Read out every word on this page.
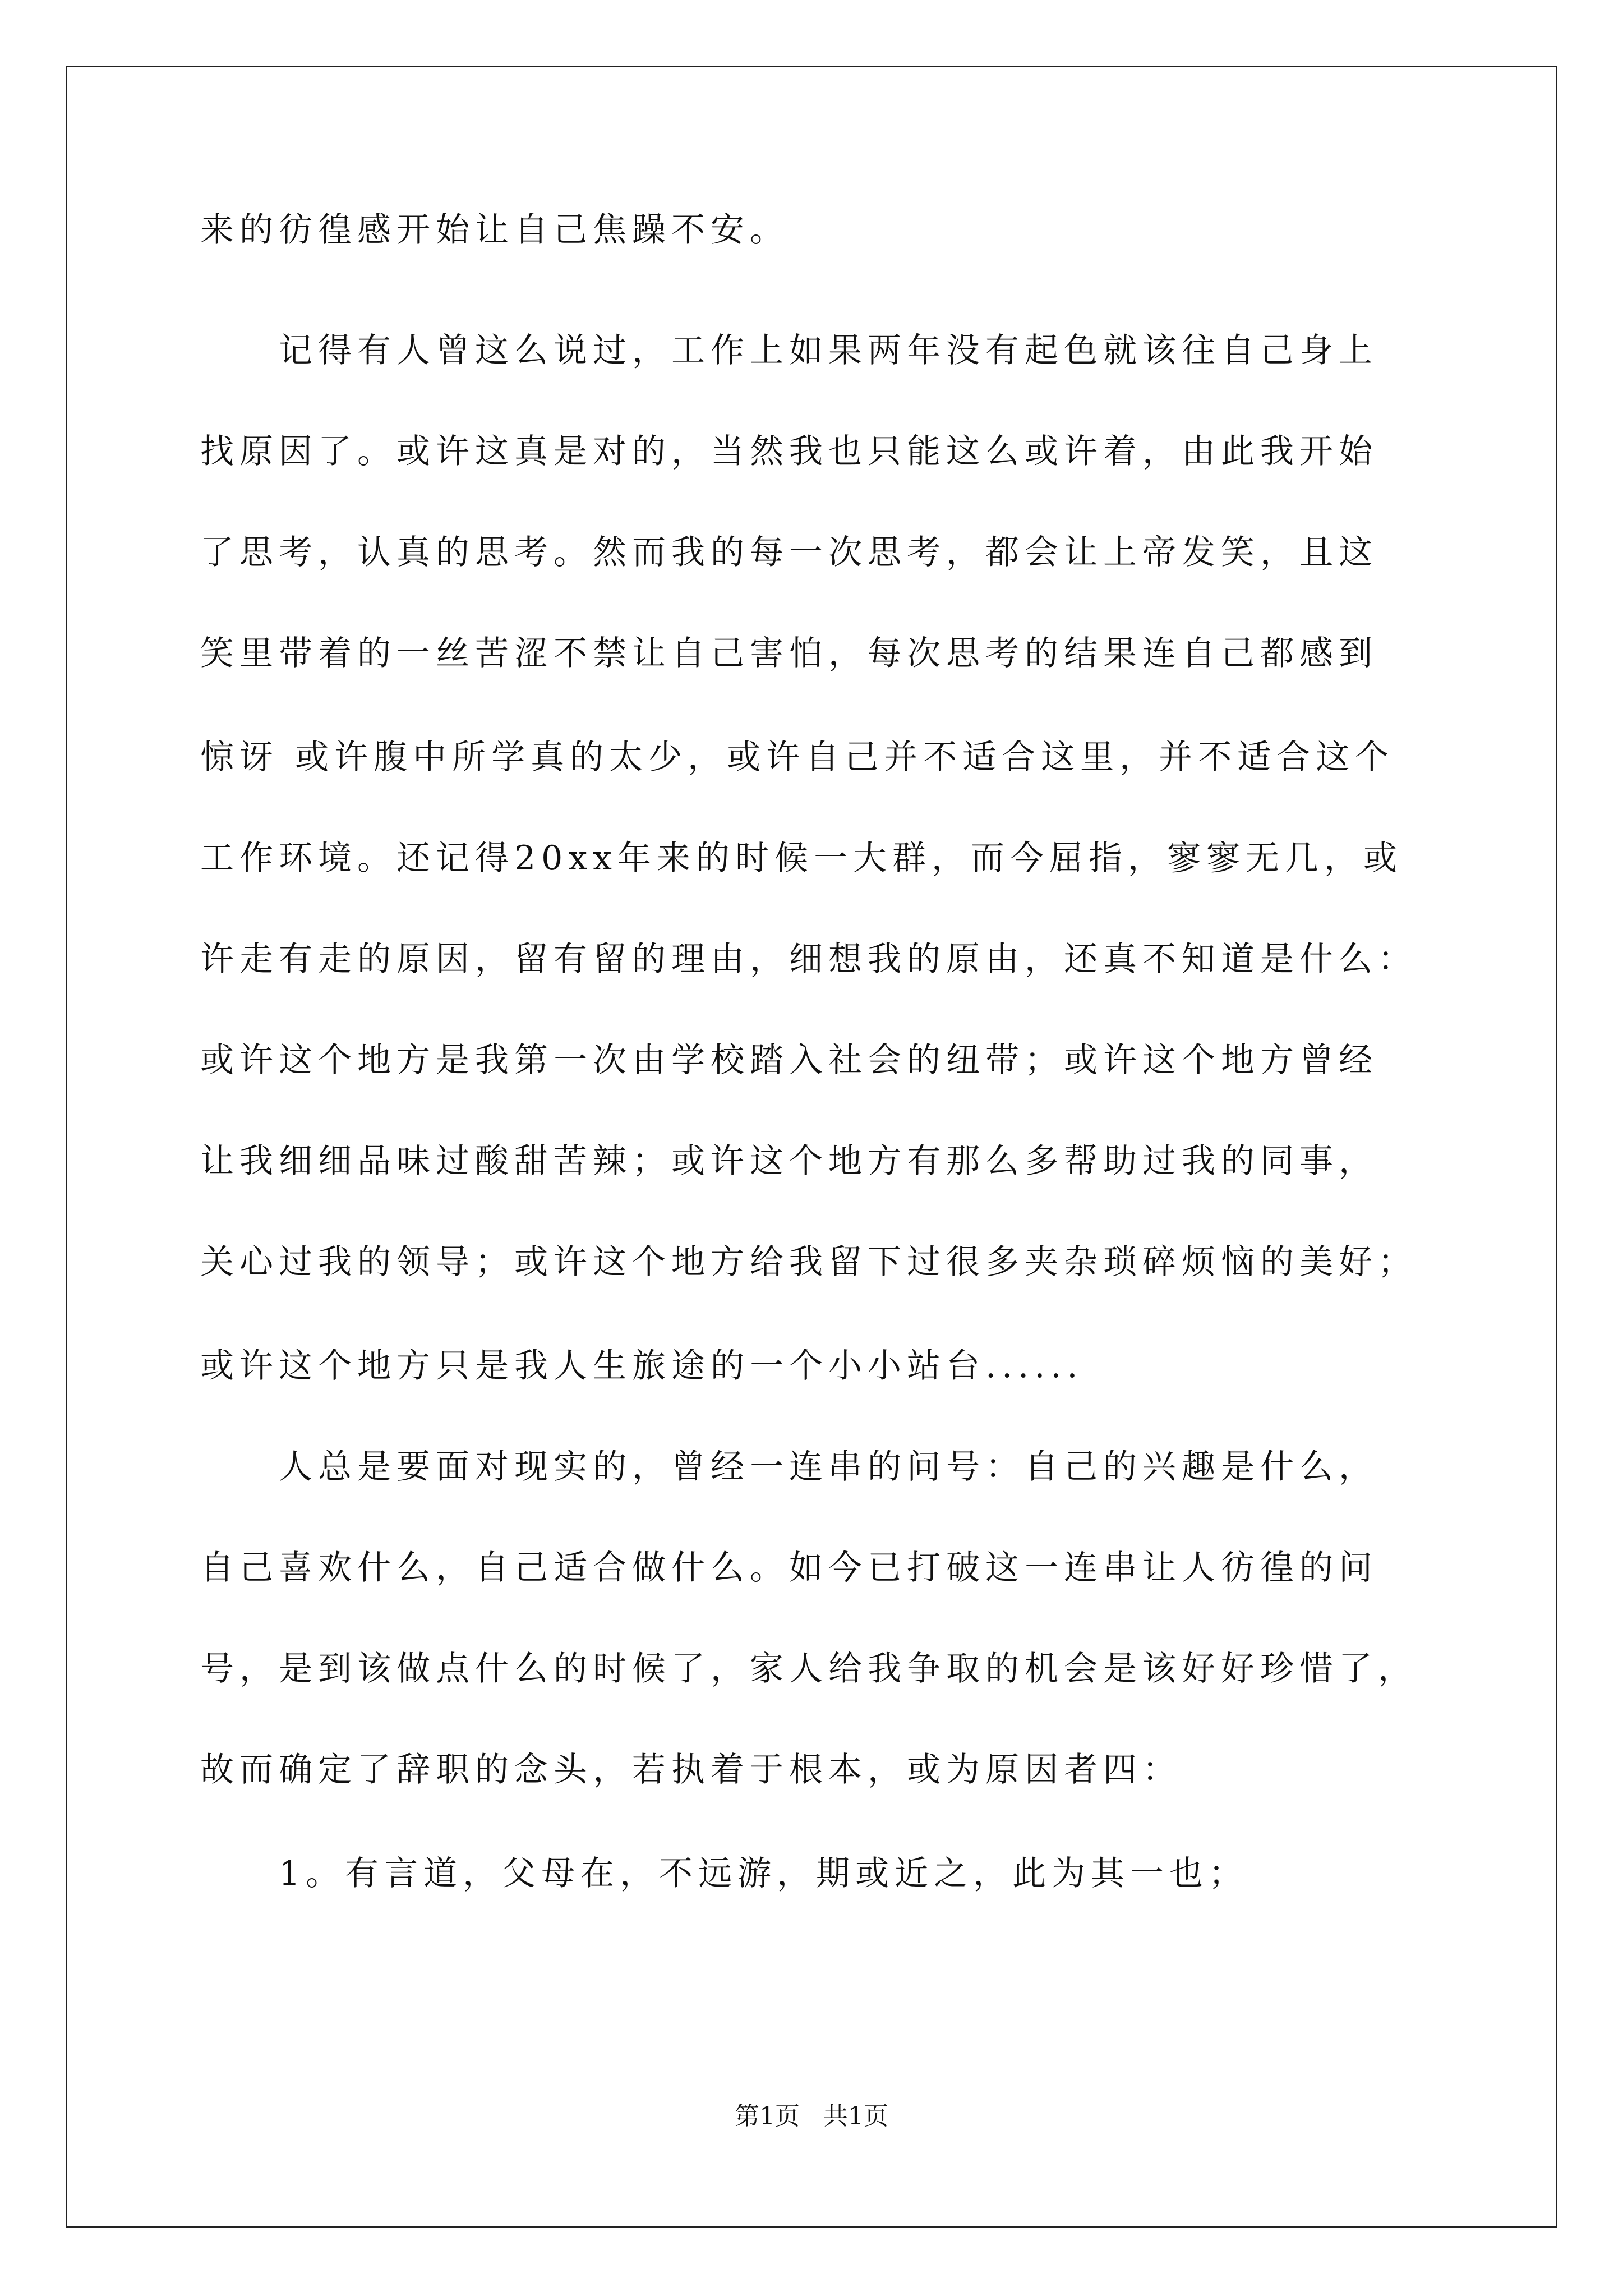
来的彷徨感开始让自己焦躁不安。
记得有人曾这么说过，工作上如果两年没有起色就该往自己身上
找原因了。或许这真是对的，当然我也只能这么或许着，由此我开始
了思考，认真的思考。然而我的每一次思考，都会让上帝发笑，且这
笑里带着的一丝苦涩不禁让自己害怕，每次思考的结果连自己都感到
惊讶 或许腹中所学真的太少，或许自己并不适合这里，并不适合这个
工作环境。还记得20xx年来的时候一大群，而今屈指，寥寥无几，或
许走有走的原因，留有留的理由，细想我的原由，还真不知道是什么：
或许这个地方是我第一次由学校踏入社会的纽带；或许这个地方曾经
让我细细品味过酸甜苦辣；或许这个地方有那么多帮助过我的同事，
关心过我的领导；或许这个地方给我留下过很多夹杂琐碎烦恼的美好；
或许这个地方只是我人生旅途的一个小小站台......
人总是要面对现实的，曾经一连串的问号：自己的兴趣是什么，
自己喜欢什么，自己适合做什么。如今已打破这一连串让人彷徨的问
号，是到该做点什么的时候了，家人给我争取的机会是该好好珍惜了，
故而确定了辞职的念头，若执着于根本，或为原因者四：
1。有言道，父母在，不远游，期或近之，此为其一也；
第1页   共1页
